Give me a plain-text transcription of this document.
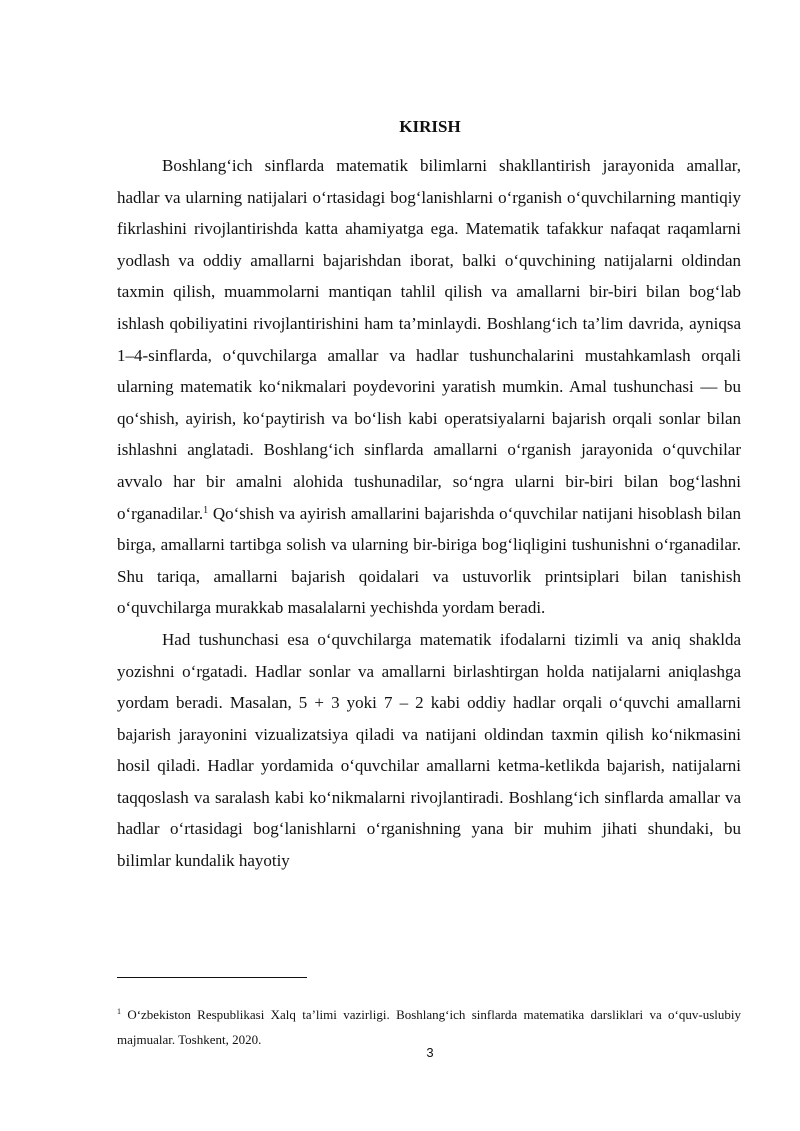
KIRISH

Boshlang‘ich sinflarda matematik bilimlarni shakllantirish jarayonida amallar, hadlar va ularning natijalari o‘rtasidagi bog‘lanishlarni o‘rganish o‘quvchilarning mantiqiy fikrlashini rivojlantirishda katta ahamiyatga ega. Matematik tafakkur nafaqat raqamlarni yodlash va oddiy amallarni bajarishdan iborat, balki o‘quvchining natijalarni oldindan taxmin qilish, muammolarni mantiqan tahlil qilish va amallarni bir-biri bilan bog‘lab ishlash qobiliyatini rivojlantirishini ham ta’minlaydi. Boshlang‘ich ta’lim davrida, ayniqsa 1–4-sinflarda, o‘quvchilarga amallar va hadlar tushunchalarini mustahkamlash orqali ularning matematik ko‘nikmalari poydevorini yaratish mumkin. Amal tushunchasi — bu qo‘shish, ayirish, ko‘paytirish va bo‘lish kabi operatsiyalarni bajarish orqali sonlar bilan ishlashni anglatadi. Boshlang‘ich sinflarda amallarni o‘rganish jarayonida o‘quvchilar avvalo har bir amalni alohida tushunadilar, so‘ngra ularni bir-biri bilan bog‘lashni o‘rganadilar.$^1$ Qo‘shish va ayirish amallarini bajarishda o‘quvchilar natijani hisoblash bilan birga, amallarni tartibga solish va ularning bir-biriga bog‘liqligini tushunishni o‘rganadilar. Shu tariqa, amallarni bajarish qoidalari va ustuvorlik printsiplari bilan tanishish o‘quvchilarga murakkab masalalarni yechishda yordam beradi.

Had tushunchasi esa o‘quvchilarga matematik ifodalarni tizimli va aniq shaklda yozishni o‘rgatadi. Hadlar sonlar va amallarni birlashtirgan holda natijalarni aniqlashga yordam beradi. Masalan, 5 + 3 yoki 7 – 2 kabi oddiy hadlar orqali o‘quvchi amallarni bajarish jarayonini vizualizatsiya qiladi va natijani oldindan taxmin qilish ko‘nikmasini hosil qiladi. Hadlar yordamida o‘quvchilar amallarni ketma-ketlikda bajarish, natijalarni taqqoslash va saralash kabi ko‘nikmalarni rivojlantiradi. Boshlang‘ich sinflarda amallar va hadlar o‘rtasidagi bog‘lanishlarni o‘rganishning yana bir muhim jihati shundaki, bu bilimlar kundalik hayotiy

$^1$ O‘zbekiston Respublikasi Xalq ta’limi vazirligi. Boshlang‘ich sinflarda matematika darsliklari va o‘quv-uslubiy majmualar. Toshkent, 2020.
3
